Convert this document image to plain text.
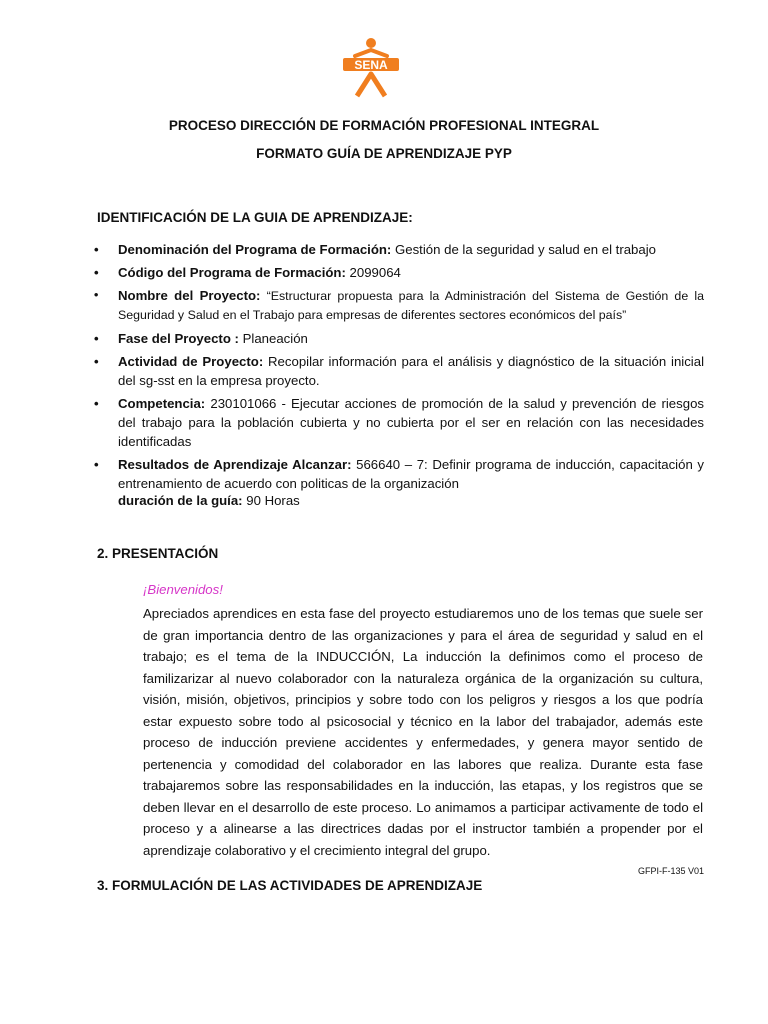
SENA
PROCESO DIRECCIÓN DE FORMACIÓN PROFESIONAL INTEGRAL
FORMATO GUÍA DE APRENDIZAJE PYP
IDENTIFICACIÓN DE LA GUIA DE APRENDIZAJE:
• Denominación del Programa de Formación: Gestión de la seguridad y salud en el trabajo
• Código del Programa de Formación: 2099064
• Nombre del Proyecto: “Estructurar propuesta para la Administración del Sistema de Gestión de la Seguridad y Salud en el Trabajo para empresas de diferentes sectores económicos del país”
• Fase del Proyecto : Planeación
• Actividad de Proyecto: Recopilar información para el análisis y diagnóstico de la situación inicial del sg-sst en la empresa proyecto.
• Competencia: 230101066 - Ejecutar acciones de promoción de la salud y prevención de riesgos del trabajo para la población cubierta y no cubierta por el ser en relación con las necesidades identificadas
• Resultados de Aprendizaje Alcanzar: 566640 – 7: Definir programa de inducción, capacitación y entrenamiento de acuerdo con politicas de la organización
duración de la guía: 90 Horas
2. PRESENTACIÓN
¡Bienvenidos!
Apreciados aprendices en esta fase del proyecto estudiaremos uno de los temas que suele ser de gran importancia dentro de las organizaciones y para el área de seguridad y salud en el trabajo; es el tema de la INDUCCIÓN, La inducción la definimos como el proceso de familizarizar al nuevo colaborador con la naturaleza orgánica de la organización su cultura, visión, misión, objetivos, principios y sobre todo con los peligros y riesgos a los que podría estar expuesto sobre todo al psicosocial y técnico en la labor del trabajador, además este proceso de inducción previene accidentes y enfermedades, y genera mayor sentido de pertenencia y comodidad del colaborador en las labores que realiza. Durante esta fase trabajaremos sobre las responsabilidades en la inducción, las etapas, y los registros que se deben llevar en el desarrollo de este proceso. Lo animamos a participar activamente de todo el proceso y a alinearse a las directrices dadas por el instructor también a propender por el aprendizaje colaborativo y el crecimiento integral del grupo.
GFPI-F-135 V01
3. FORMULACIÓN DE LAS ACTIVIDADES DE APRENDIZAJE
